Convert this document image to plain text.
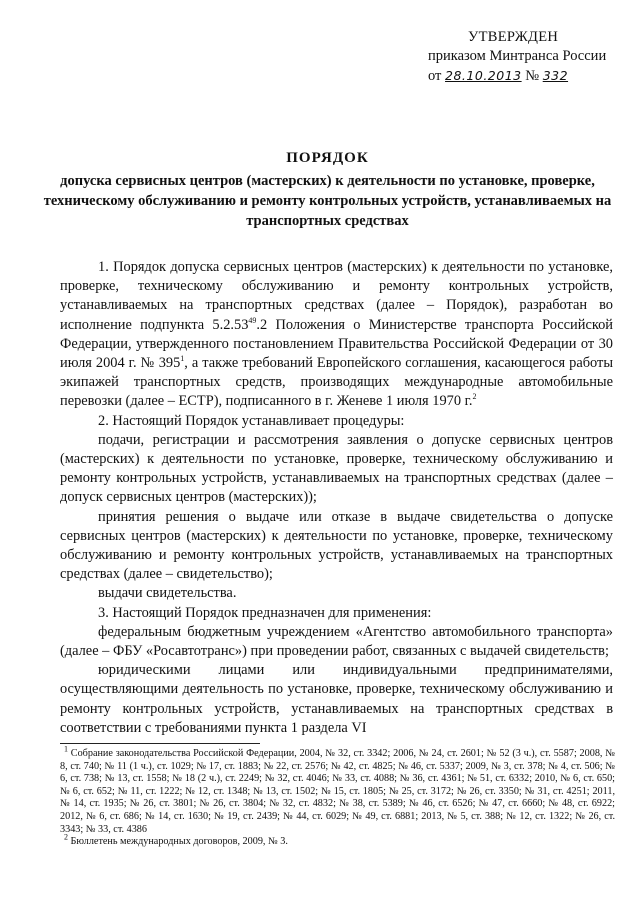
УТВЕРЖДЕН
приказом Минтранса России
от 28.10.2013 № 332
ПОРЯДОК
допуска сервисных центров (мастерских) к деятельности по установке, проверке, техническому обслуживанию и ремонту контрольных устройств, устанавливаемых на транспортных средствах

1. Порядок допуска сервисных центров (мастерских) к деятельности по установке, проверке, техническому обслуживанию и ремонту контрольных устройств, устанавливаемых на транспортных средствах (далее – Порядок), разработан во исполнение подпункта 5.2.53$^{49}$.2 Положения о Министерстве транспорта Российской Федерации, утвержденного постановлением Правительства Российской Федерации от 30 июля 2004 г. № $395^1$, а также требований Европейского соглашения, касающегося работы экипажей транспортных средств, производящих международные автомобильные перевозки (далее – ЕСТР), подписанного в г. Женеве 1 июля 1970 г.$^2$

2. Настоящий Порядок устанавливает процедуры:

подачи, регистрации и рассмотрения заявления о допуске сервисных центров (мастерских) к деятельности по установке, проверке, техническому обслуживанию и ремонту контрольных устройств, устанавливаемых на транспортных средствах (далее – допуск сервисных центров (мастерских));

принятия решения о выдаче или отказе в выдаче свидетельства о допуске сервисных центров (мастерских) к деятельности по установке, проверке, техническому обслуживанию и ремонту контрольных устройств, устанавливаемых на транспортных средствах (далее – свидетельство);

выдачи свидетельства.

3. Настоящий Порядок предназначен для применения:

федеральным бюджетным учреждением «Агентство автомобильного транспорта» (далее – ФБУ «Росавтотранс») при проведении работ, связанных с выдачей свидетельств;

юридическими лицами или индивидуальными предпринимателями, осуществляющими деятельность по установке, проверке, техническому обслуживанию и ремонту контрольных устройств, устанавливаемых на транспортных средствах в соответствии с требованиями пункта 1 раздела VI

$^1$ Собрание законодательства Российской Федерации, 2004, № 32, ст. 3342; 2006, № 24, ст. 2601; № 52 (3 ч.), ст. 5587; 2008, № 8, ст. 740; № 11 (1 ч.), ст. 1029; № 17, ст. 1883; № 22, ст. 2576; № 42, ст. 4825; № 46, ст. 5337; 2009, № 3, ст. 378; № 4, ст. 506; № 6, ст. 738; № 13, ст. 1558; № 18 (2 ч.), ст. 2249; № 32, ст. 4046; № 33, ст. 4088; № 36, ст. 4361; № 51, ст. 6332; 2010, № 6, ст. 650; № 6, ст. 652; № 11, ст. 1222; № 12, ст. 1348; № 13, ст. 1502; № 15, ст. 1805; № 25, ст. 3172; № 26, ст. 3350; № 31, ст. 4251; 2011, № 14, ст. 1935; № 26, ст. 3801; № 26, ст. 3804; № 32, ст. 4832; № 38, ст. 5389; № 46, ст. 6526; № 47, ст. 6660; № 48, ст. 6922; 2012, № 6, ст. 686; № 14, ст. 1630; № 19, ст. 2439; № 44, ст. 6029; № 49, ст. 6881; 2013, № 5, ст. 388; № 12, ст. 1322; № 26, ст. 3343; № 33, ст. 4386

$^2$ Бюллетень международных договоров, 2009, № 3.
